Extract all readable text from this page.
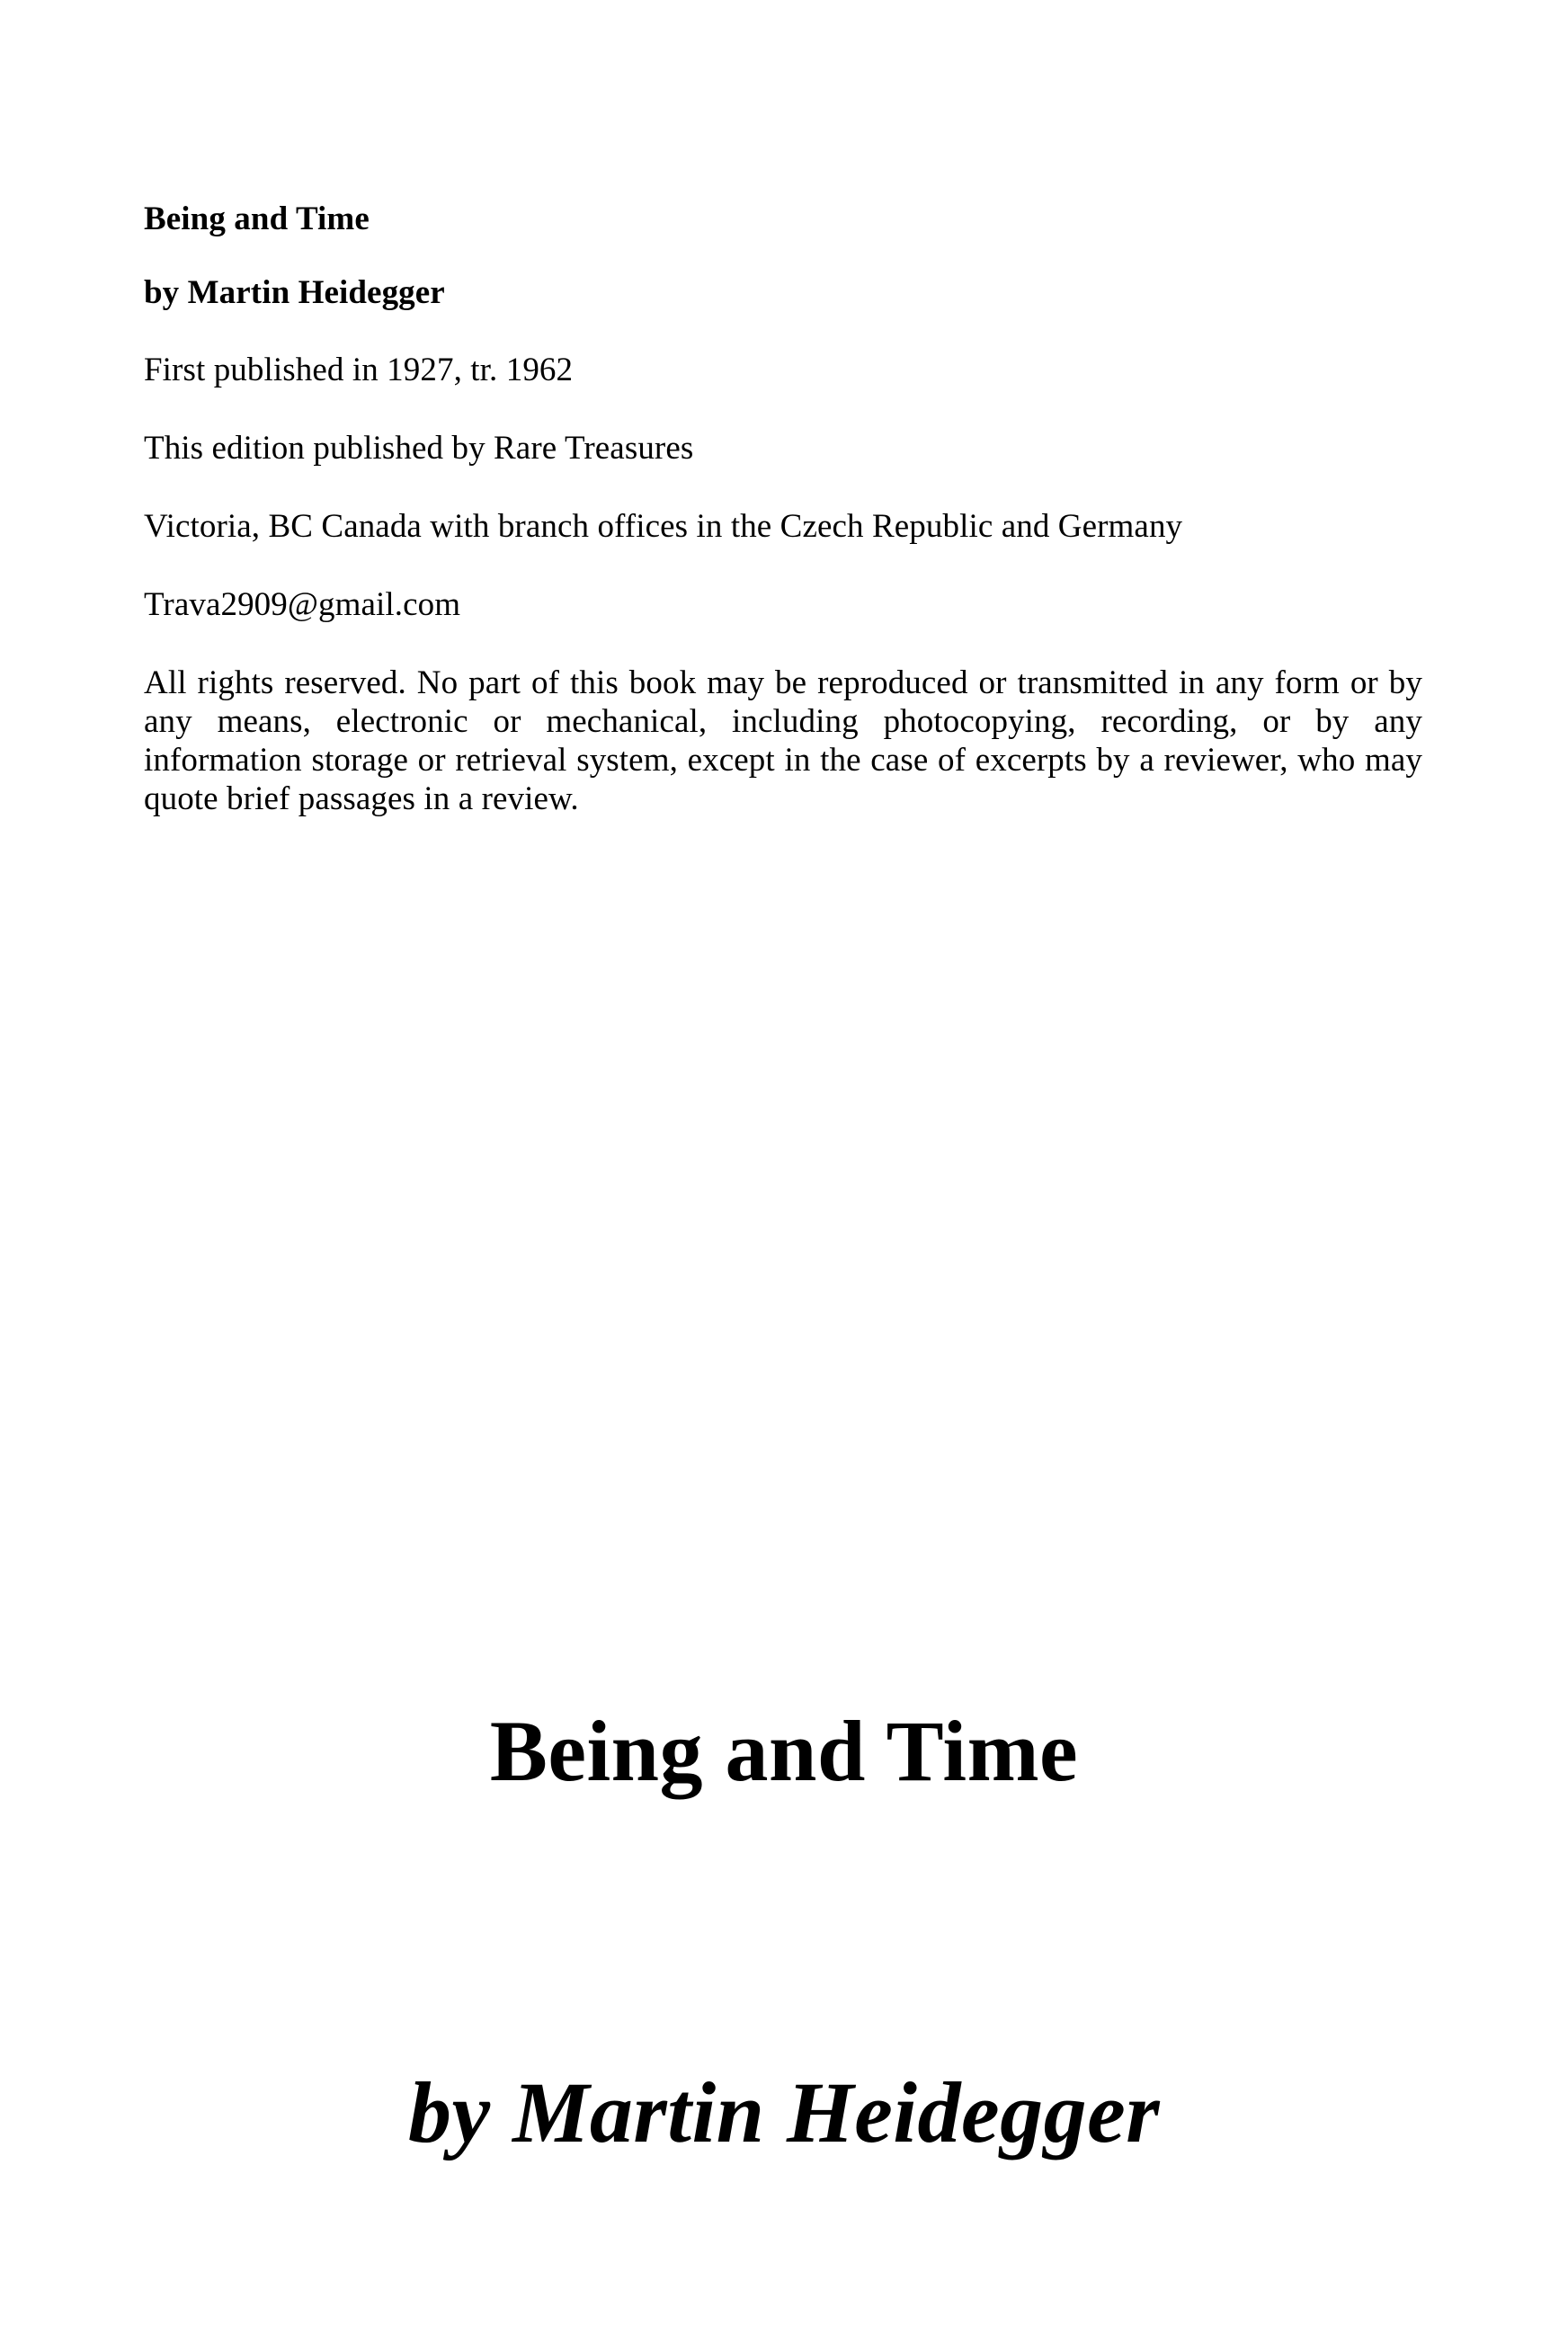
Being and Time

by Martin Heidegger

First published in 1927, tr. 1962

This edition published by Rare Treasures

Victoria, BC Canada with branch offices in the Czech Republic and Germany

Trava2909@gmail.com

All rights reserved. No part of this book may be reproduced or transmitted in any form or by any means, electronic or mechanical, including photocopying, recording, or by any information storage or retrieval system, except in the case of excerpts by a reviewer, who may quote brief passages in a review.

Being and Time
by Martin Heidegger
